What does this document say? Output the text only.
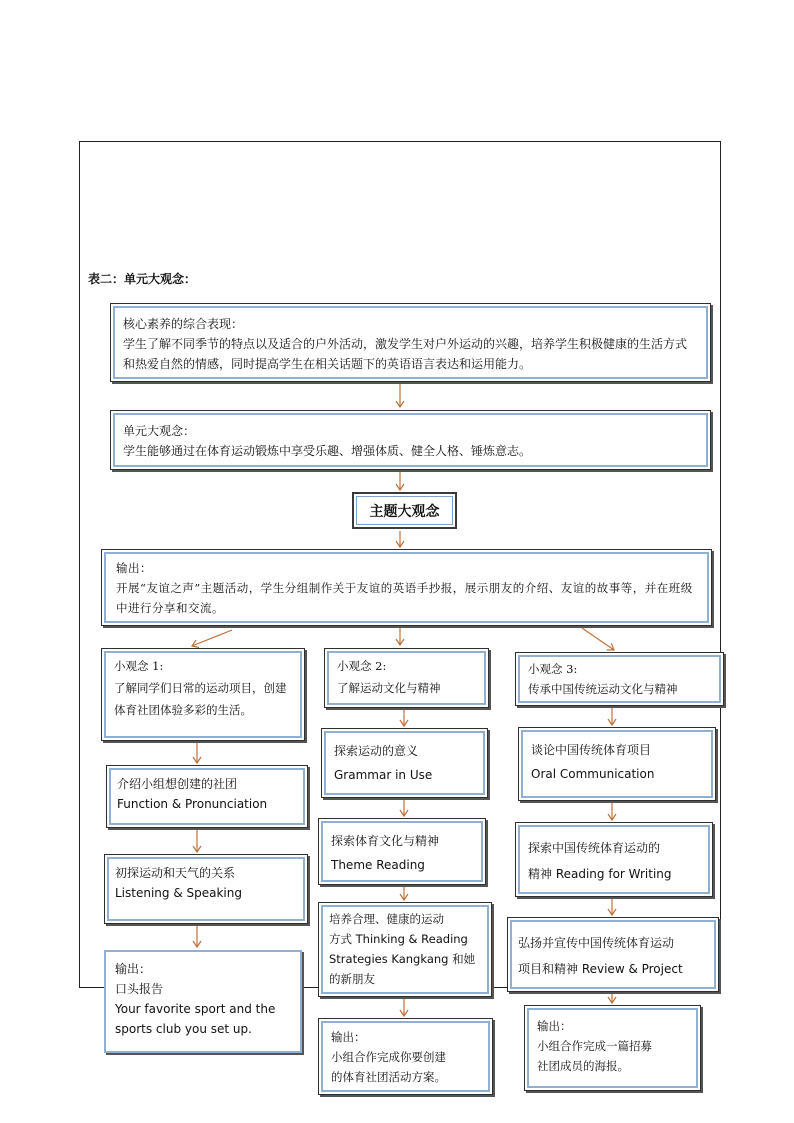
表二：单元大观念：
核心素养的综合表现：
学生了解不同季节的特点以及适合的户外活动，激发学生对户外运动的兴趣，培养学生积极健康的生活方式和热爱自然的情感，同时提高学生在相关话题下的英语语言表达和运用能力。
单元大观念：
学生能够通过在体育运动锻炼中享受乐趣、增强体质、健全人格、锤炼意志。
主题大观念
输出：
开展“友谊之声”主题活动，学生分组制作关于友谊的英语手抄报，展示朋友的介绍、友谊的故事等，并在班级中进行分享和交流。
小观念 1:
了解同学们日常的运动项目，创建体育社团体验多彩的生活。
介绍小组想创建的社团
Function & Pronunciation
初探运动和天气的关系
Listening & Speaking
输出：
口头报告
Your favorite sport and the
sports club you set up.
小观念 2:
了解运动文化与精神
探索运动的意义
Grammar in Use
探索体育文化与精神
Theme Reading
培养合理、健康的运动
方式 Thinking & Reading
Strategies Kangkang 和她
的新朋友
输出：
小组合作完成你要创建
的体育社团活动方案。
小观念 3:
传承中国传统运动文化与精神
谈论中国传统体育项目
Oral Communication
探索中国传统体育运动的
精神 Reading for Writing
弘扬并宣传中国传统体育运动
项目和精神 Review & Project
输出：
小组合作完成一篇招募
社团成员的海报。
